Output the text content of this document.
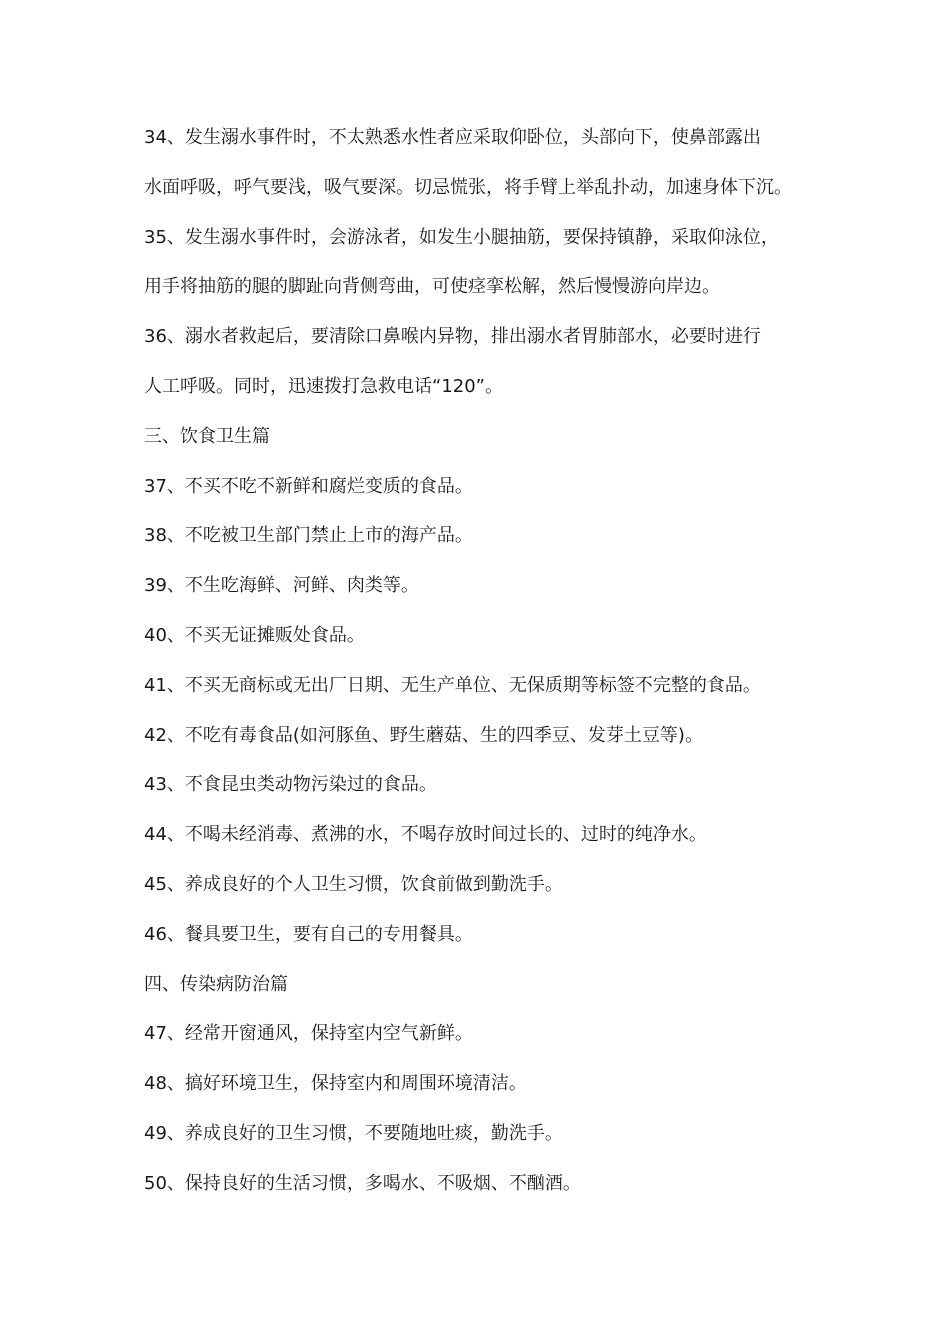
34、发生溺水事件时，不太熟悉水性者应采取仰卧位，头部向下，使鼻部露出
水面呼吸，呼气要浅，吸气要深。切忌慌张，将手臂上举乱扑动，加速身体下沉。
35、发生溺水事件时，会游泳者，如发生小腿抽筋，要保持镇静，采取仰泳位，
用手将抽筋的腿的脚趾向背侧弯曲，可使痉挛松解，然后慢慢游向岸边。
36、溺水者救起后，要清除口鼻喉内异物，排出溺水者胃肺部水，必要时进行
人工呼吸。同时，迅速拨打急救电话“120”。
三、饮食卫生篇
37、不买不吃不新鲜和腐烂变质的食品。
38、不吃被卫生部门禁止上市的海产品。
39、不生吃海鲜、河鲜、肉类等。
40、不买无证摊贩处食品。
41、不买无商标或无出厂日期、无生产单位、无保质期等标签不完整的食品。
42、不吃有毒食品(如河豚鱼、野生蘑菇、生的四季豆、发芽土豆等)。
43、不食昆虫类动物污染过的食品。
44、不喝未经消毒、煮沸的水，不喝存放时间过长的、过时的纯净水。
45、养成良好的个人卫生习惯，饮食前做到勤洗手。
46、餐具要卫生，要有自己的专用餐具。
四、传染病防治篇
47、经常开窗通风，保持室内空气新鲜。
48、搞好环境卫生，保持室内和周围环境清洁。
49、养成良好的卫生习惯，不要随地吐痰，勤洗手。
50、保持良好的生活习惯，多喝水、不吸烟、不酗酒。
